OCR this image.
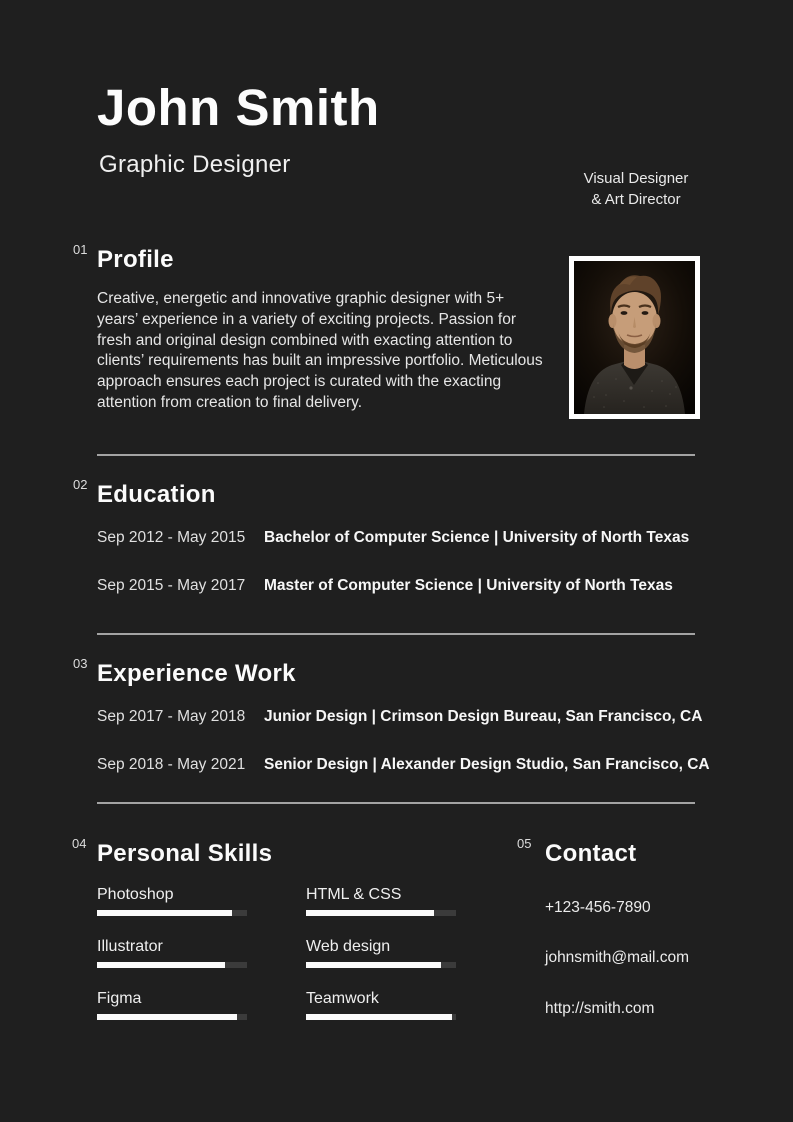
John Smith
Graphic Designer
Visual Designer
& Art Director
01 Profile
Creative, energetic and innovative graphic designer with 5+ years’ experience in a variety of exciting projects. Passion for fresh and original design combined with exacting attention to clients’ requirements has built an impressive portfolio. Meticulous approach ensures each project is curated with the exacting attention from creation to final delivery.
02 Education
Sep 2012 - May 2015	Bachelor of Computer Science | University of North Texas
Sep 2015 - May 2017	Master of Computer Science | University of North Texas
03 Experience Work
Sep 2017 - May 2018	Junior Design | Crimson Design Bureau, San Francisco, CA
Sep 2018 - May 2021	Senior Design | Alexander Design Studio, San Francisco, CA
04 Personal Skills	05 Contact
Photoshop
Illustrator
Figma
HTML & CSS
Web design
Teamwork
+123-456-7890
johnsmith@mail.com
http://smith.com
